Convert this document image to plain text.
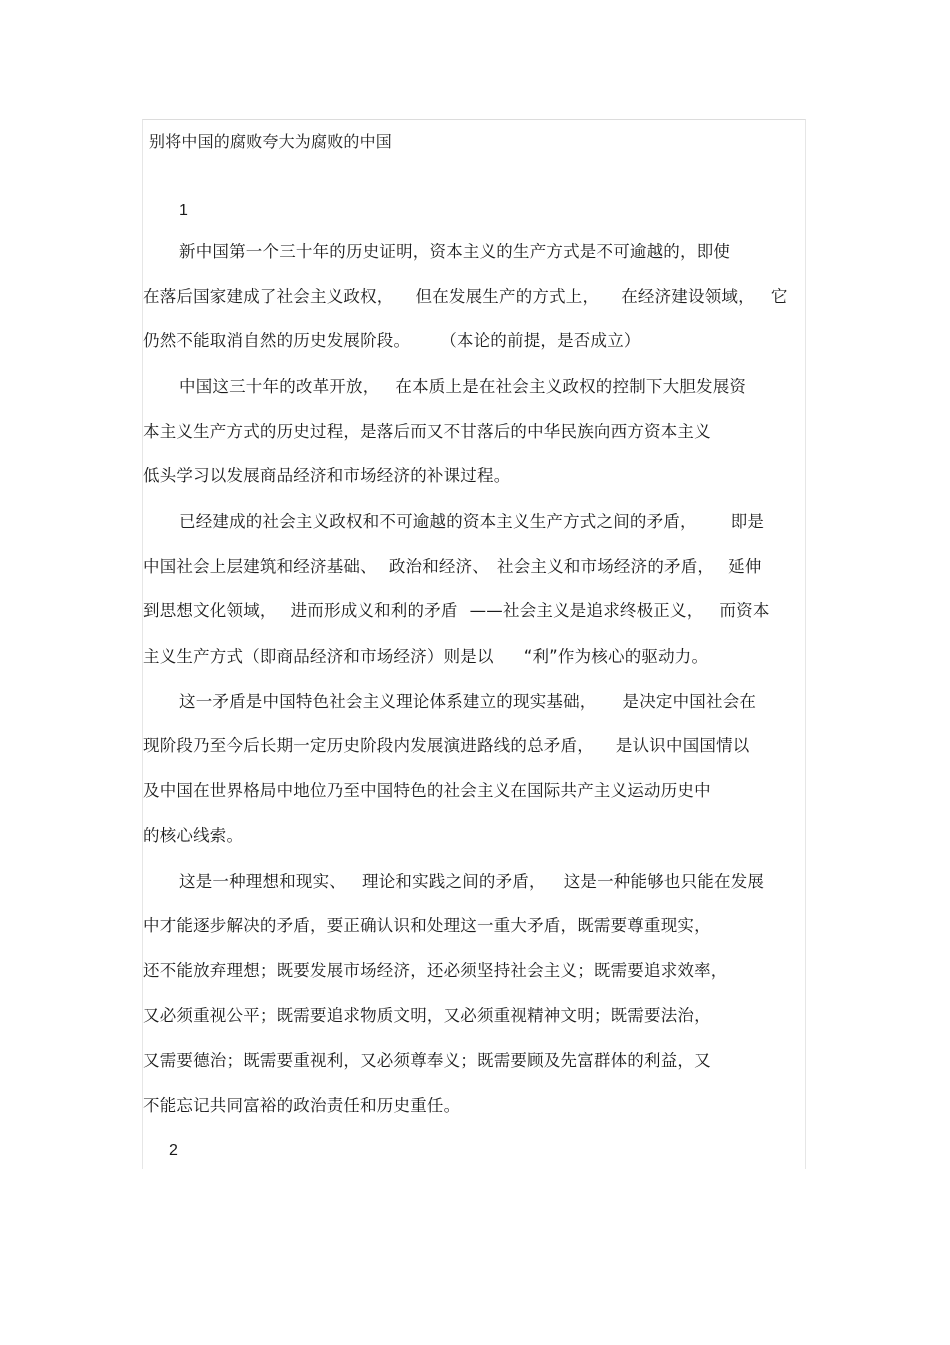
别将中国的腐败夸大为腐败的中国
1
新中国第一个三十年的历史证明，资本主义的生产方式是不可逾越的，即使
在落后国家建成了社会主义政权， 但在发展生产的方式上， 在经济建设领域， 它
仍然不能取消自然的历史发展阶段。 （本论的前提，是否成立）
中国这三十年的改革开放， 在本质上是在社会主义政权的控制下大胆发展资
本主义生产方式的历史过程，是落后而又不甘落后的中华民族向西方资本主义
低头学习以发展商品经济和市场经济的补课过程。
已经建成的社会主义政权和不可逾越的资本主义生产方式之间的矛盾， 即是
中国社会上层建筑和经济基础、 政治和经济、 社会主义和市场经济的矛盾， 延伸
到思想文化领域， 进而形成义和利的矛盾 ——社会主义是追求终极正义， 而资本
主义生产方式（即商品经济和市场经济）则是以 “利”作为核心的驱动力。
这一矛盾是中国特色社会主义理论体系建立的现实基础， 是决定中国社会在
现阶段乃至今后长期一定历史阶段内发展演进路线的总矛盾， 是认识中国国情以
及中国在世界格局中地位乃至中国特色的社会主义在国际共产主义运动历史中
的核心线索。
这是一种理想和现实、 理论和实践之间的矛盾， 这是一种能够也只能在发展
中才能逐步解决的矛盾，要正确认识和处理这一重大矛盾，既需要尊重现实，
还不能放弃理想；既要发展市场经济，还必须坚持社会主义；既需要追求效率，
又必须重视公平；既需要追求物质文明，又必须重视精神文明；既需要法治，
又需要德治；既需要重视利，又必须尊奉义；既需要顾及先富群体的利益，又
不能忘记共同富裕的政治责任和历史重任。
2
